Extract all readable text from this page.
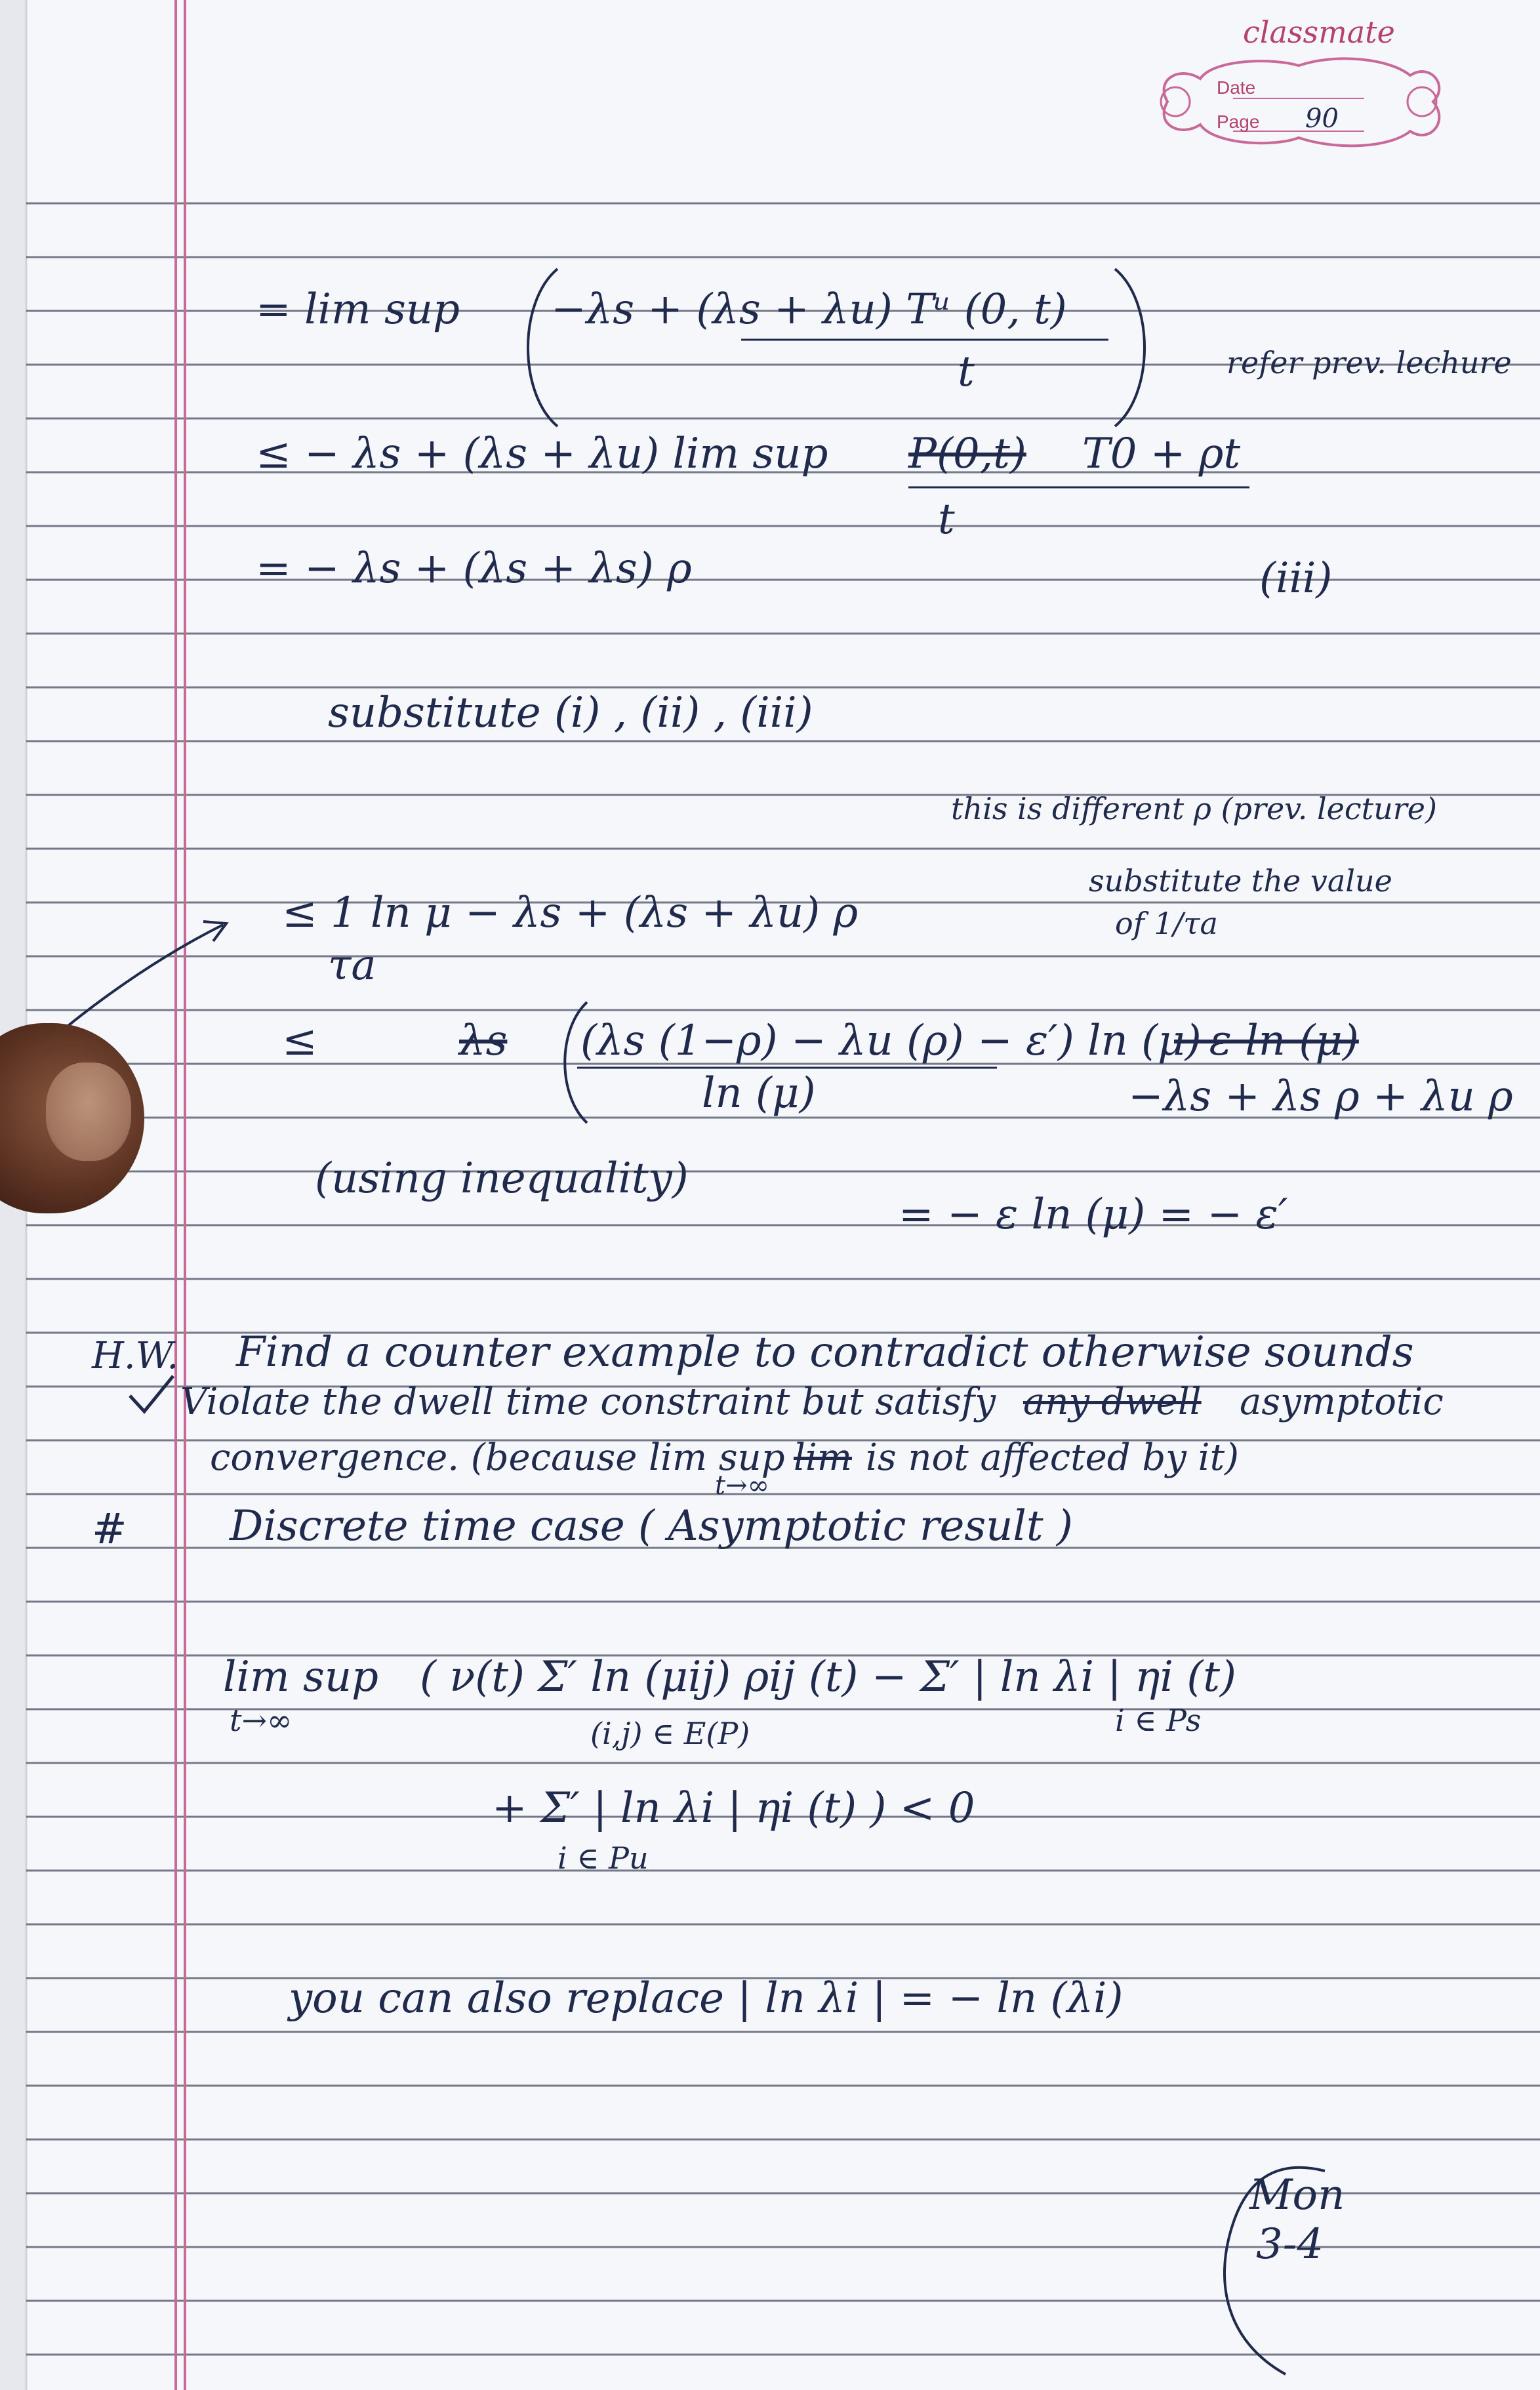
classmate
Date
Page 90
= lim sup −λs + (λs + λu) Tᵘ (0, t)
t	refer prev. lechure
≤ − λs + (λs + λu) lim sup P(0,t) T0 + ρt
t
= − λs + (λs + λs) ρ	(iii)
substitute (i) , (ii) , (iii)
this is different ρ (prev. lecture)
substitute the value
of 1/τa
≤ 1 ln μ − λs + (λs + λu) ρ
τa
≤	λs (λs (1−ρ) − λu (ρ) − ε′) ln (μ)
−ε ln (μ)
ln (μ)	−λs + λs ρ + λu ρ
(using inequality)
= − ε ln (μ) = − ε′
H.W. Find a counter example to contradict otherwise sounds
Violate the dwell time constraint but satisfy any dwell asymptotic
convergence. (because lim sup
t→∞
lim is not affected by it)
# Discrete time case ( Asymptotic result )
lim sup
t→∞
( ν(t) Σ′ ln (μij) ρij (t) − Σ′ | ln λi | ηi (t)
(i,j) ∈ E(P)	i ∈ Ps
+ Σ′ | ln λi | ηi (t) ) < 0
i ∈ Pu
you can also replace | ln λi | = − ln (λi)
Mon
3-4
